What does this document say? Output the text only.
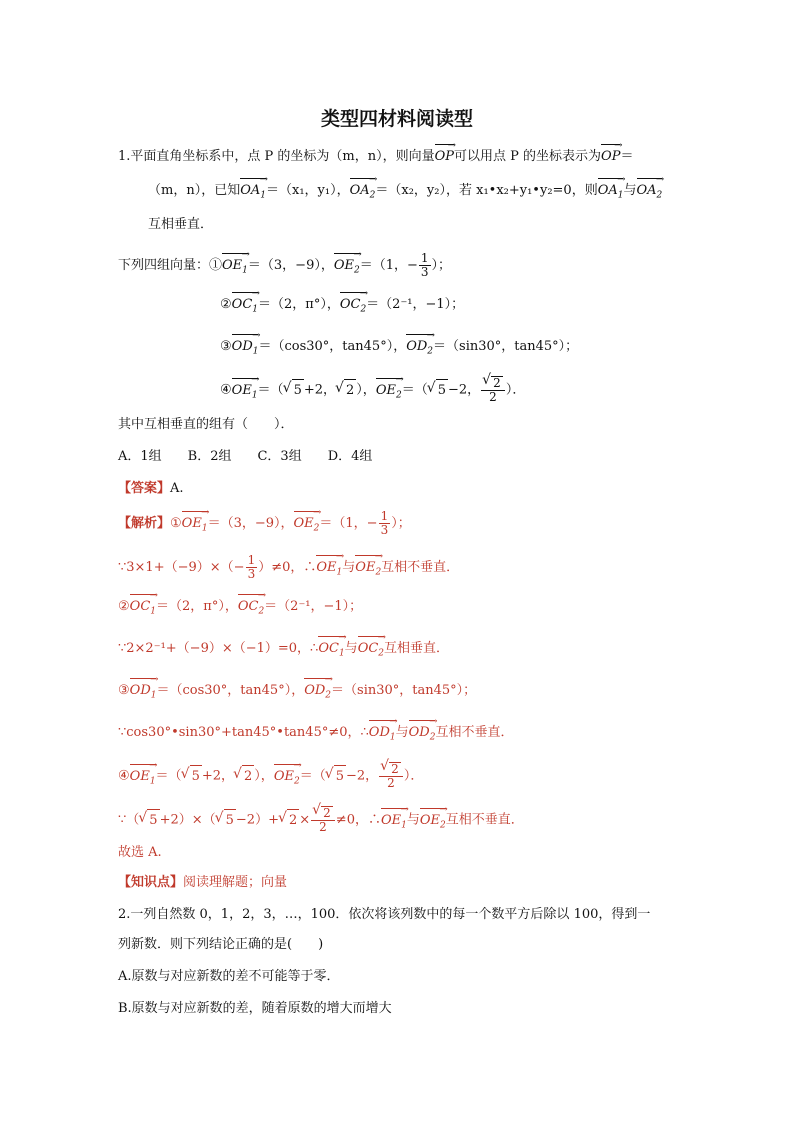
类型四材料阅读型
1.平面直角坐标系中，点 P 的坐标为（m，n），则向量OP →可以用点 P 的坐标表示为OP →＝
（m，n），已知$OA_1 \to=(x_1$，y₁），$OA_2 \to=(x_2$，y₂），若 x₁•x₂+y₁•y₂=0，则$OA_1$ →与$OA_2$ →
互相垂直．
下列四组向量：$①OE_1 \to=(3$，−9），$OE_2 \to=(1$，− $\frac{1}{3}$ ）；
$②OC_1 \to=(2$，π°），$OC_2 \to=(2^{-1}$，−1）；
$③OD_1 \to=(\cos 30^\circ$，tan45°），$OD_2 \to=(\sin 30^\circ$，tan45°）；
$④OE_1$ →＝（ √ 5 +2， √ 2 ），$OE_2$ →＝（ √ 5 −2， √ $\frac{2}{2}$ ）．
其中互相垂直的组有（　　）．
A．1组　　B．2组　　C．3组　　D．4组
【答案】A.
【解析】$①OE_1 \to=(3$，−9），$OE_2 \to=(1$，− $\frac{1}{3}$ ）；
∵3×1+（−9）×（− $\frac{1}{3} )\ne 0$，$\therefore OE_1$ →与$OE_2$ →互相不垂直．
$②OC_1 \to=(2$，π°），$OC_2 \to=(2^{-1}$，−1）；
∵2×2⁻¹+（−9）×（−1）=0，$\therefore OC_1$ →与$OC_2$ →互相垂直．
$③OD_1 \to=(\cos 30^\circ$，tan45°），$OD_2 \to=(\sin 30^\circ$，tan45°）；
∵cos30°•sin30°+tan45°•tan45°≠0，$\therefore OD_1$ →与$OD_2$ →互相不垂直．
$④OE_1$ →＝（ √ 5 +2， √ 2 ），$OE_2$ →＝（ √ 5 −2， √ $\frac{2}{2}$ ）．
∵（ √ 5 +2）×（ √ 5 −2）+ √ 2 × √ $\frac{2}{2} \ne 0$，$\therefore OE_1$ →与$OE_2$ →互相不垂直．
故选 A.
【知识点】阅读理解题；向量
2.一列自然数 0，1，2，3，…，100．依次将该列数中的每一个数平方后除以 100，得到一
列新数．则下列结论正确的是(　　)
A.原数与对应新数的差不可能等于零．
B.原数与对应新数的差，随着原数的增大而增大
